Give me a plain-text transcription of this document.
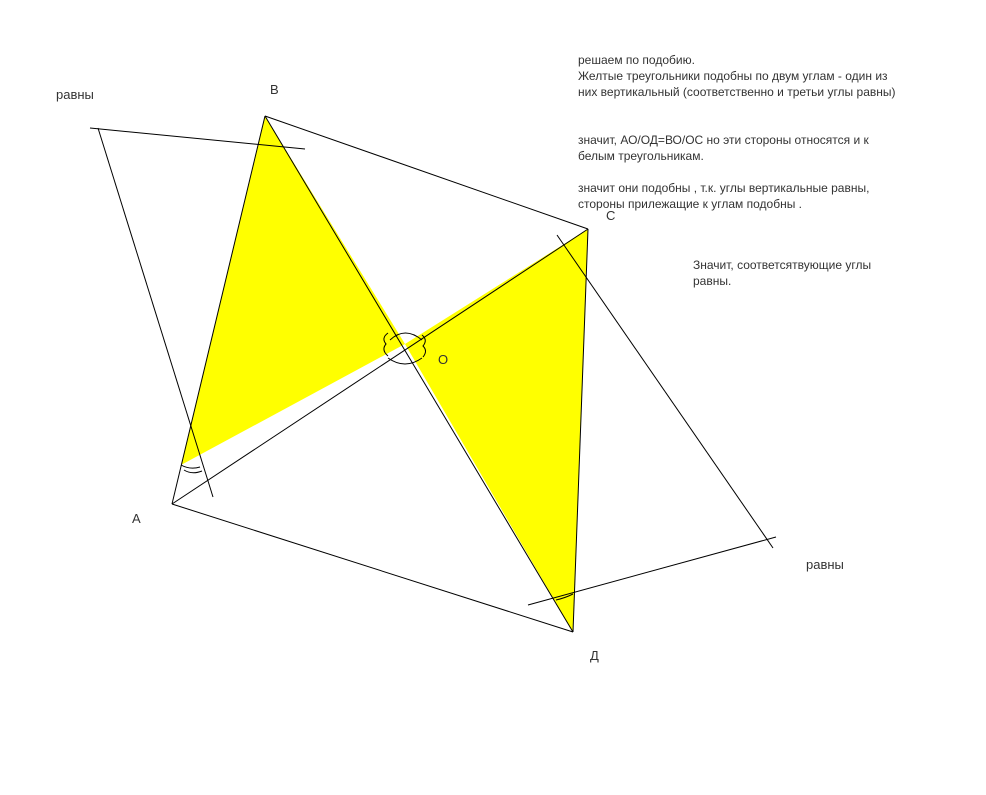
В
С
А
Д
О
равны
равны
решаем по подобию.
Желтые треугольники подобны по двум углам - один из
них вертикальный (соответственно и третьи углы равны)
значит, АО/ОД=ВО/ОС но эти стороны относятся и к
белым треугольникам.
значит они подобны , т.к. углы вертикальные равны,
стороны прилежащие к углам подобны .
Значит, соответсятвующие углы
равны.
